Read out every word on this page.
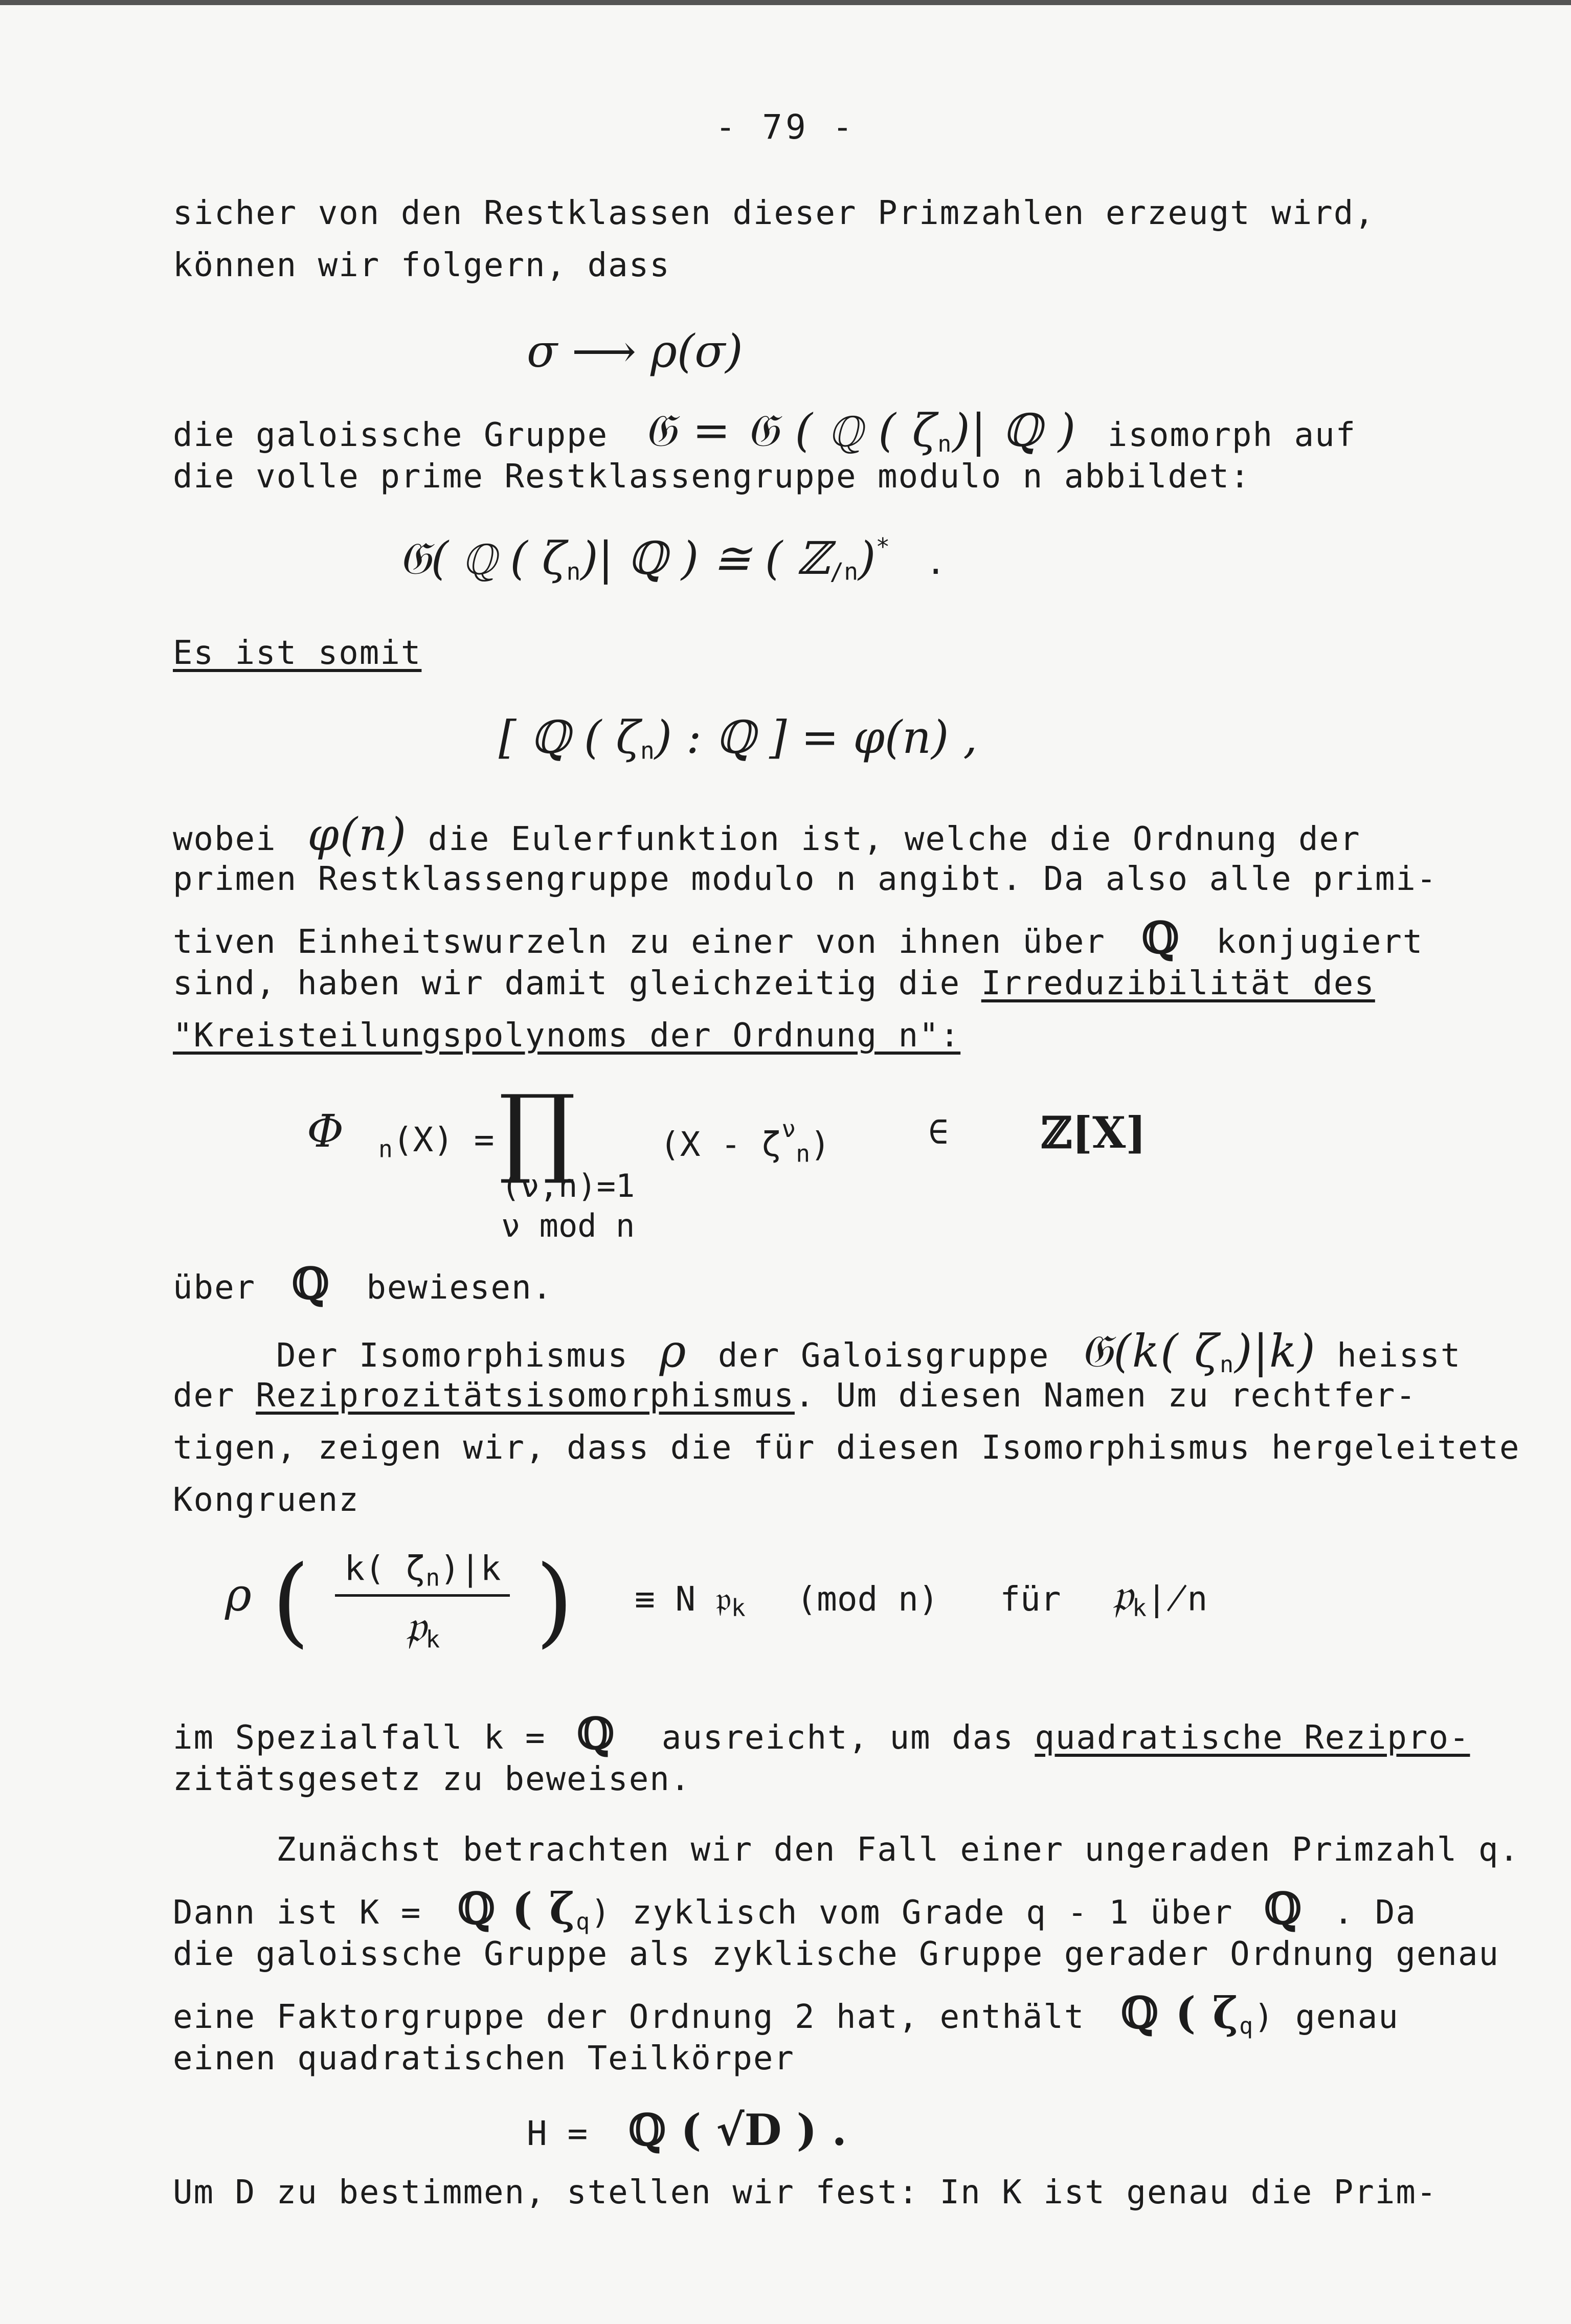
- 79 -
sicher von den Restklassen dieser Primzahlen erzeugt wird,
können wir folgern, dass
σ ⟶ ρ(σ)
die galoissche Gruppe 𝔊 = 𝔊 ( ℚ ( $\zeta_n)|$ ℚ ) isomorph auf
die volle prime Restklassengruppe modulo n abbildet:
𝔊( ℚ ( $\zeta_n)|$ ℚ ) ≅ ( ℤ$_{/n}$)* .
Es ist somit
[ ℚ ( $\zeta_n$) : ℚ ] = φ(n) ,
wobei φ(n) die Eulerfunktion ist, welche die Ordnung der
primen Restklassengruppe modulo n angibt. Da also alle primi-
tiven Einheitswurzeln zu einer von ihnen über ℚ konjugiert
sind, haben wir damit gleichzeitig die Irreduzibilität des
"Kreisteilungspolynoms der Ordnung n":
Φ $_n$(X) = ∏
(ν,n)=1
ν mod n
$(X - \zeta^\nu_n)$	∈ ℤ[X]
über ℚ bewiesen.
Der Isomorphismus ρ der Galoisgruppe 𝔊(k( $\zeta_n)|k$) heisst
der Reziprozitätsisomorphismus. Um diesen Namen zu rechtfer-
tigen, zeigen wir, dass die für diesen Isomorphismus hergeleitete
Kongruenz
ρ ( $\frac{k( \zeta_n)|k}{𝔭_k}$ ) ≡ N 𝔭$_k$ (mod n) für 𝔭$_k$∤n
im Spezialfall k = ℚ ausreicht, um das quadratische Rezipro-
zitätsgesetz zu beweisen.
Zunächst betrachten wir den Fall einer ungeraden Primzahl q.
Dann ist K = ℚ ( $\zeta_q$) zyklisch vom Grade q - 1 über ℚ . Da
die galoissche Gruppe als zyklische Gruppe gerader Ordnung genau
eine Faktorgruppe der Ordnung 2 hat, enthält ℚ ( $\zeta_q$) genau
einen quadratischen Teilkörper
H = ℚ ( √D ) .
Um D zu bestimmen, stellen wir fest: In K ist genau die Prim-
